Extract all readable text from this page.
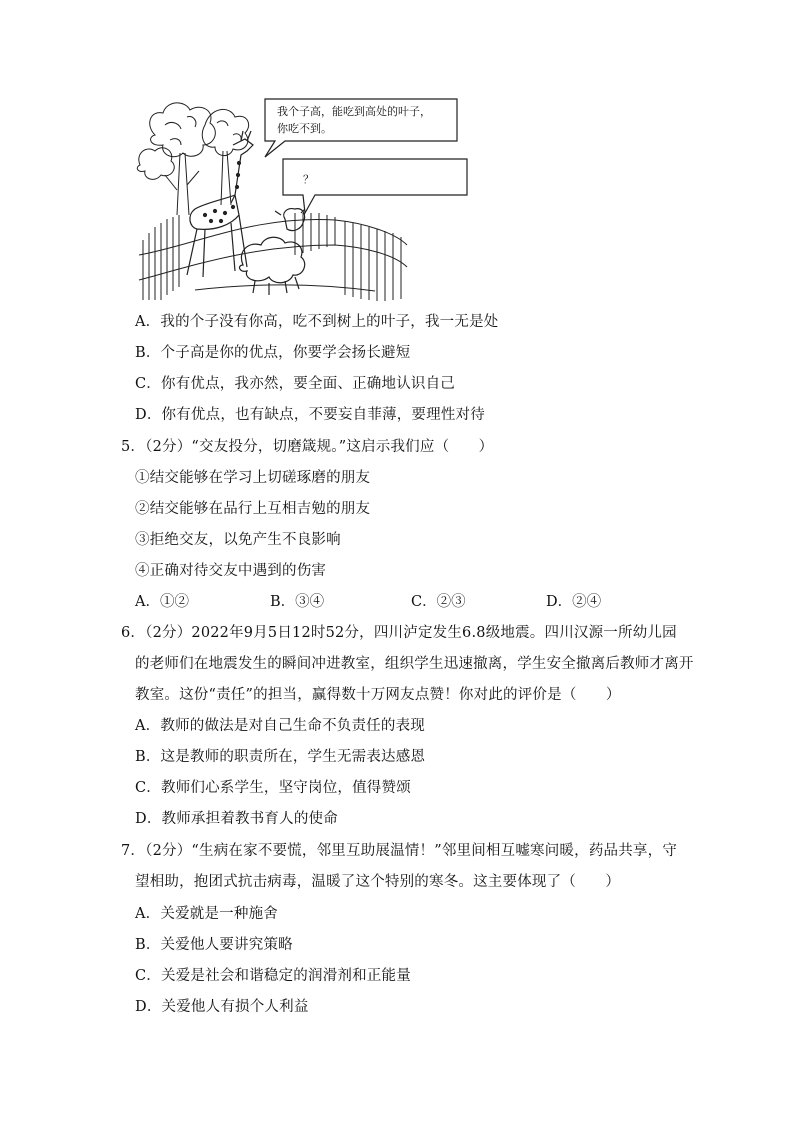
我个子高，能吃到高处的叶子，
你吃不到。
？
A．我的个子没有你高，吃不到树上的叶子，我一无是处
B．个子高是你的优点，你要学会扬长避短
C．你有优点，我亦然，要全面、正确地认识自己
D．你有优点，也有缺点，不要妄自菲薄，要理性对待
5．（2分）“交友投分，切磨箴规。”这启示我们应（　　）
①结交能够在学习上切磋琢磨的朋友
②结交能够在品行上互相吉勉的朋友
③拒绝交友，以免产生不良影响
④正确对待交友中遇到的伤害
A．①②	B．③④	C．②③	D．②④
6．（2分）2022年9月5日12时52分，四川泸定发生6.8级地震。四川汉源一所幼儿园
的老师们在地震发生的瞬间冲进教室，组织学生迅速撤离，学生安全撤离后教师才离开
教室。这份“责任”的担当，赢得数十万网友点赞！你对此的评价是（　　）
A．教师的做法是对自己生命不负责任的表现
B．这是教师的职责所在，学生无需表达感恩
C．教师们心系学生，坚守岗位，值得赞颂
D．教师承担着教书育人的使命
7．（2分）“生病在家不要慌，邻里互助展温情！”邻里间相互嘘寒问暖，药品共享，守
望相助，抱团式抗击病毒，温暖了这个特别的寒冬。这主要体现了（　　）
A．关爱就是一种施舍
B．关爱他人要讲究策略
C．关爱是社会和谐稳定的润滑剂和正能量
D．关爱他人有损个人利益
